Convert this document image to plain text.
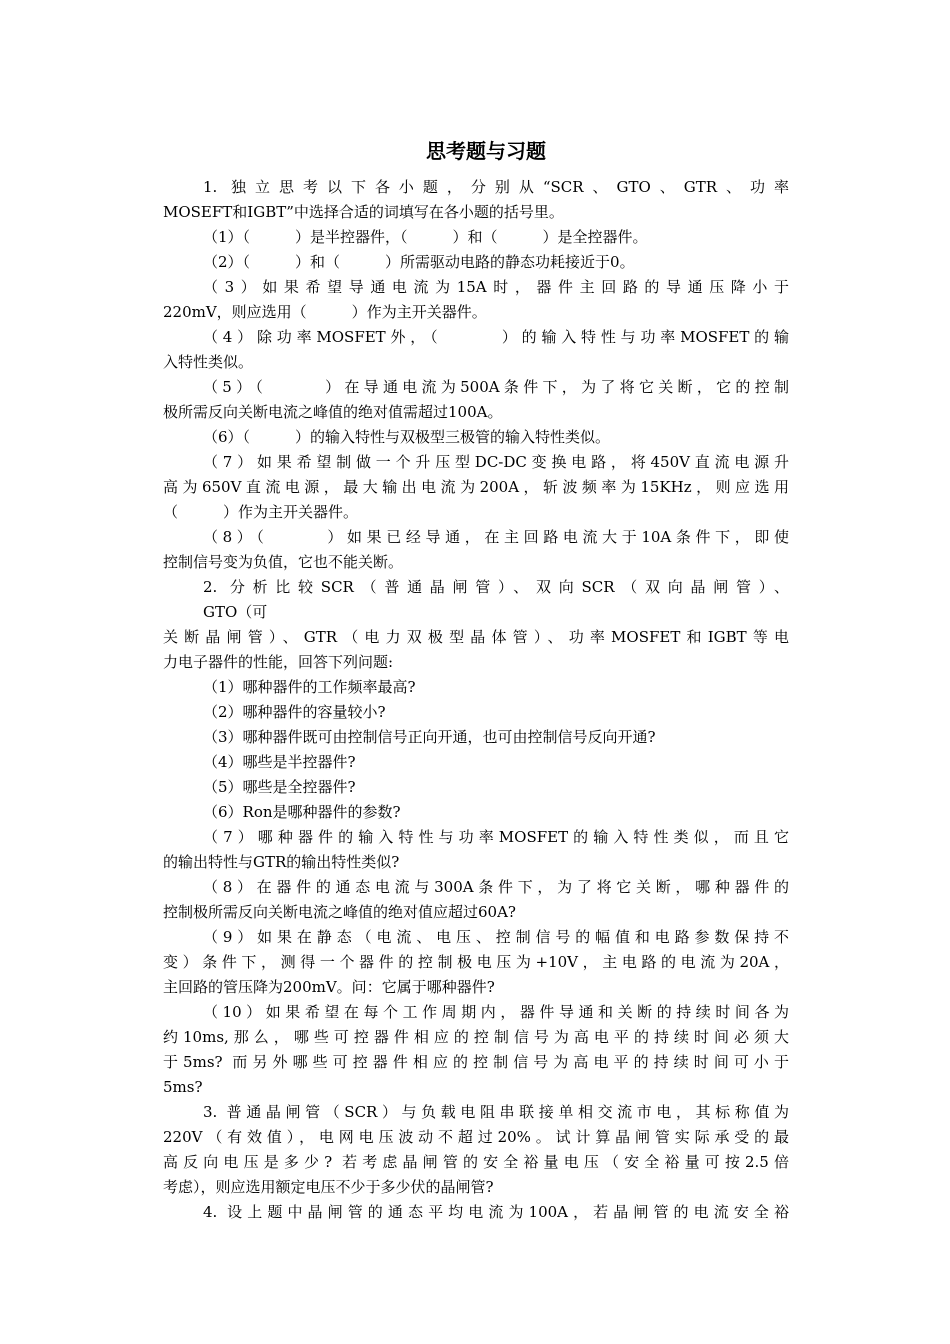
思考题与习题
1. 独立思考以下各小题，分别从“SCR、GTO、GTR、功率
MOSEFT和IGBT”中选择合适的词填写在各小题的括号里。
（1）（　　　）是半控器件，（　　　）和（　　　）是全控器件。
（2）（　　　）和（　　　）所需驱动电路的静态功耗接近于0。
（3）如果希望导通电流为15A时，器件主回路的导通压降小于
220mV，则应选用（　　　）作为主开关器件。
（4）除功率MOSFET外，（　　　）的输入特性与功率MOSFET的输
入特性类似。
（5）（　　　）在导通电流为500A条件下，为了将它关断，它的控制
极所需反向关断电流之峰值的绝对值需超过100A。
（6）（　　　）的输入特性与双极型三极管的输入特性类似。
（7）如果希望制做一个升压型DC-DC变换电路，将450V直流电源升
高为650V直流电源，最大输出电流为200A，斩波频率为15KHz，则应选用
（　　　）作为主开关器件。
（8）（　　　）如果已经导通，在主回路电流大于10A条件下，即使
控制信号变为负值，它也不能关断。
2. 分析比较SCR（普通晶闸管）、双向SCR（双向晶闸管）、
GTO（可
关断晶闸管）、GTR（电力双极型晶体管）、功率MOSFET和IGBT等电
力电子器件的性能，回答下列问题:
（1）哪种器件的工作频率最高?
（2）哪种器件的容量较小?
（3）哪种器件既可由控制信号正向开通，也可由控制信号反向开通?
（4）哪些是半控器件?
（5）哪些是全控器件?
（6）Ron是哪种器件的参数?
（7）哪种器件的输入特性与功率MOSFET的输入特性类似，而且它
的输出特性与GTR的输出特性类似?
（8）在器件的通态电流与300A条件下，为了将它关断，哪种器件的
控制极所需反向关断电流之峰值的绝对值应超过60A?
（9）如果在静态（电流、电压、控制信号的幅值和电路参数保持不
变）条件下，测得一个器件的控制极电压为+10V，主电路的电流为20A，
主回路的管压降为200mV。问：它属于哪种器件?
（10）如果希望在每个工作周期内，器件导通和关断的持续时间各为
约10ms,那么，哪些可控器件相应的控制信号为高电平的持续时间必须大
于5ms? 而另外哪些可控器件相应的控制信号为高电平的持续时间可小于
5ms?
3. 普通晶闸管（SCR）与负载电阻串联接单相交流市电，其标称值为
220V（有效值），电网电压波动不超过20%。试计算晶闸管实际承受的最
高反向电压是多少? 若考虑晶闸管的安全裕量电压（安全裕量可按2.5倍
考虑），则应选用额定电压不少于多少伏的晶闸管?
4. 设上题中晶闸管的通态平均电流为100A，若晶闸管的电流安全裕
